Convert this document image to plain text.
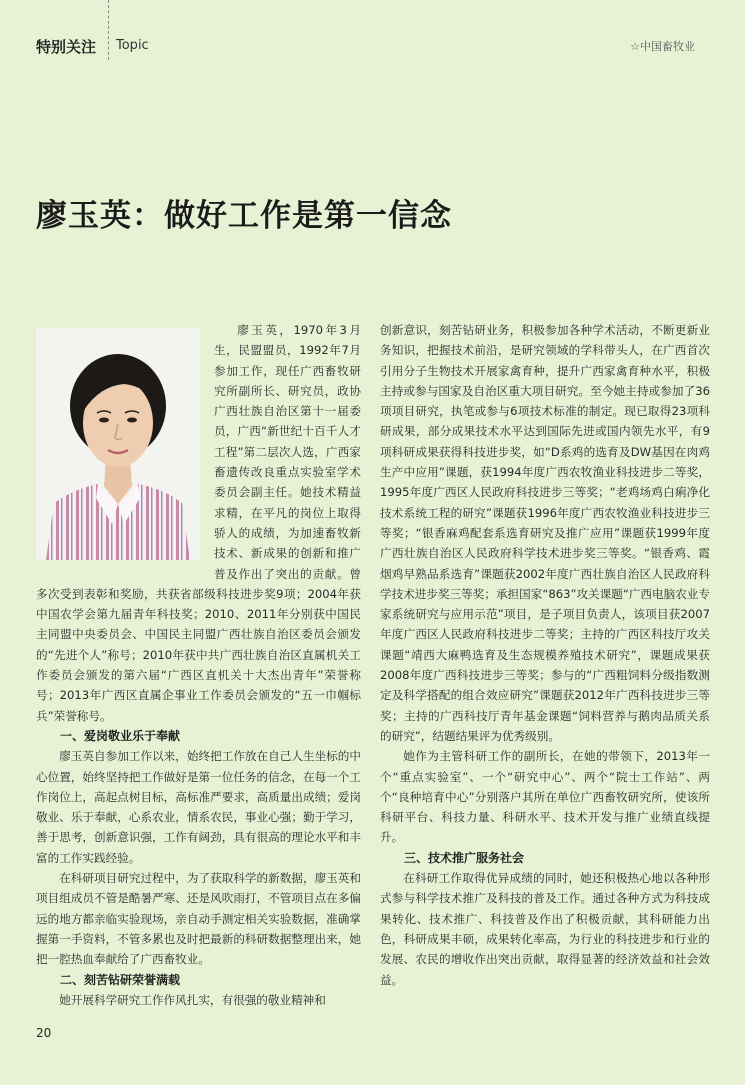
特别关注 Topic	☆中国畜牧业
廖玉英：做好工作是第一信念

廖玉英，1970年3月生，民盟盟员，1992年7月参加工作，现任广西畜牧研究所副所长、研究员，政协广西壮族自治区第十一届委员，广西“新世纪十百千人才工程”第二层次人选，广西家畜遗传改良重点实验室学术委员会副主任。她技术精益求精，在平凡的岗位上取得骄人的成绩，为加速畜牧新技术、新成果的创新和推广普及作出了突出的贡献。曾多次受到表彰和奖励，共获省部级科技进步奖9项；2004年获中国农学会第九届青年科技奖；2010、2011年分别获中国民主同盟中央委员会、中国民主同盟广西壮族自治区委员会颁发的“先进个人”称号；2010年获中共广西壮族自治区直属机关工作委员会颁发的第六届“广西区直机关十大杰出青年”荣誉称号；2013年广西区直属企事业工作委员会颁发的“五一巾帼标兵”荣誉称号。

一、爱岗敬业乐于奉献

廖玉英自参加工作以来，始终把工作放在自己人生坐标的中心位置，始终坚持把工作做好是第一位任务的信念，在每一个工作岗位上，高起点树目标，高标准严要求，高质量出成绩；爱岗敬业、乐于奉献，心系农业，情系农民，事业心强；勤于学习，善于思考，创新意识强，工作有阔劲，具有很高的理论水平和丰富的工作实践经验。

在科研项目研究过程中，为了获取科学的新数据，廖玉英和项目组成员不管是酷暑严寒、还是风吹雨打，不管项目点在多偏远的地方都亲临实验现场，亲自动手测定相关实验数据，准确掌握第一手资料，不管多累也及时把最新的科研数据整理出来，她把一腔热血奉献给了广西畜牧业。

二、刻苦钻研荣誉满载

她开展科学研究工作作风扎实，有很强的敬业精神和

创新意识，刻苦钻研业务，积极参加各种学术活动，不断更新业务知识，把握技术前沿，是研究领域的学科带头人，在广西首次引用分子生物技术开展家禽育种，提升广西家禽育种水平，积极主持或参与国家及自治区重大项目研究。至今她主持或参加了36项项目研究，执笔或参与6项技术标准的制定。现已取得23项科研成果，部分成果技术水平达到国际先进或国内领先水平，有9项科研成果获得科技进步奖，如“D系鸡的选育及DW基因在肉鸡生产中应用”课题，获1994年度广西农牧渔业科技进步二等奖，1995年度广西区人民政府科技进步三等奖；“老鸡场鸡白痢净化技术系统工程的研究”课题获1996年度广西农牧渔业科技进步三等奖；“银香麻鸡配套系选育研究及推广应用”课题获1999年度广西壮族自治区人民政府科学技术进步奖三等奖。“银香鸡、霞烟鸡早熟品系选育”课题获2002年度广西壮族自治区人民政府科学技术进步奖三等奖；承担国家“863”攻关课题“广西电脑农业专家系统研究与应用示范”项目，是子项目负责人，该项目获2007年度广西区人民政府科技进步二等奖；主持的广西区科技厅攻关课题“靖西大麻鸭选育及生态规模养殖技术研究”，课题成果获2008年度广西科技进步三等奖；参与的“广西粗饲料分级指数测定及科学搭配的组合效应研究”课题获2012年广西科技进步三等奖；主持的广西科技厅青年基金课题“饲料营养与鹅肉品质关系的研究”，结题结果评为优秀级别。

她作为主管科研工作的副所长，在她的带领下，2013年一个“重点实验室”、一个“研究中心”、两个“院士工作站”、两个“良种培育中心”分别落户其所在单位广西畜牧研究所，使该所科研平台、科技力量、科研水平、技术开发与推广业绩直线提升。

三、技术推广服务社会

在科研工作取得优异成绩的同时，她还积极热心地以各种形式参与科学技术推广及科技的普及工作。通过各种方式为科技成果转化、技术推广、科技普及作出了积极贡献，其科研能力出色，科研成果丰硕，成果转化率高，为行业的科技进步和行业的发展、农民的增收作出突出贡献，取得显著的经济效益和社会效益。

20
